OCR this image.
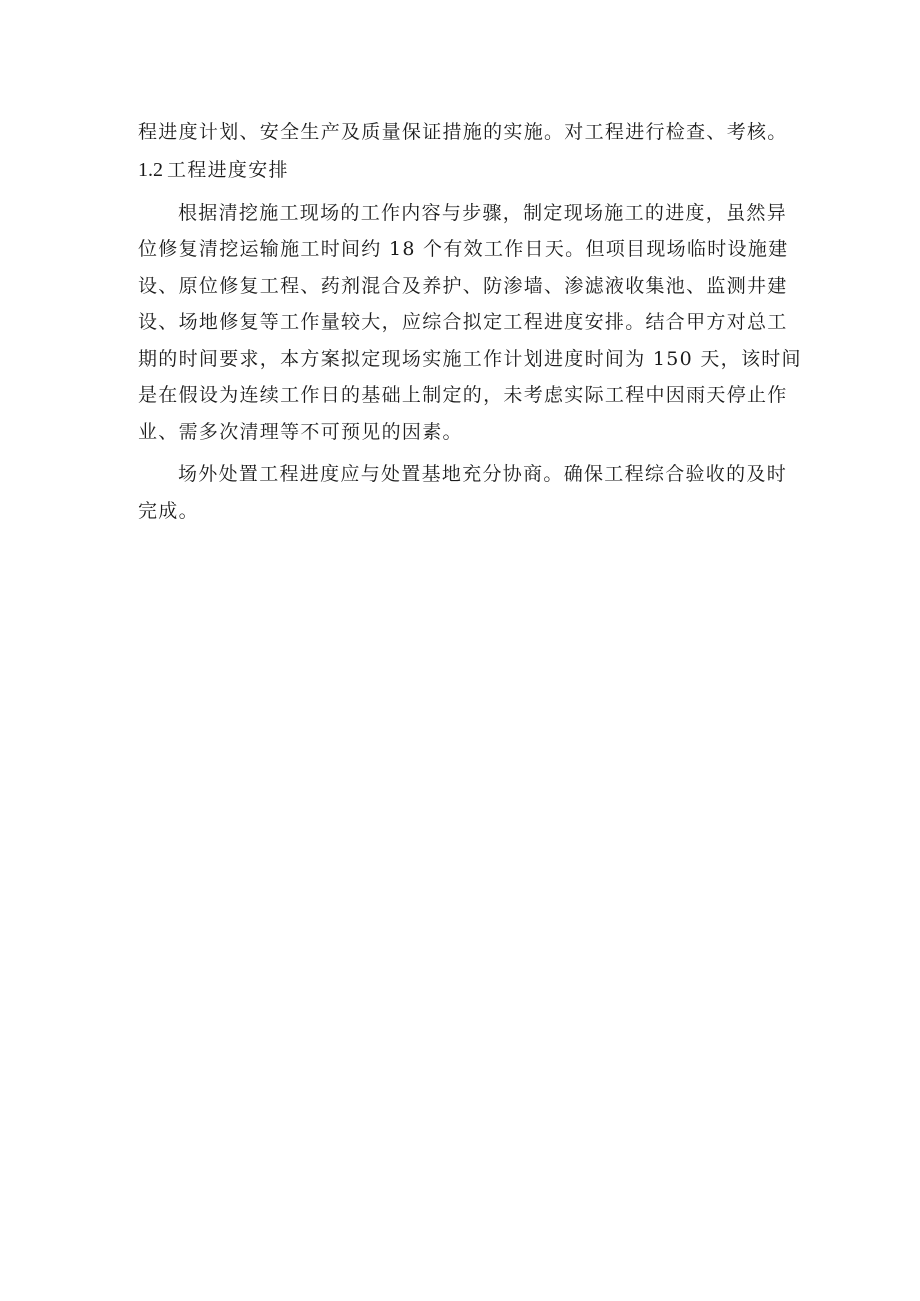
程进度计划、安全生产及质量保证措施的实施。对工程进行检查、考核。

1.2 工程进度安排

根据清挖施工现场的工作内容与步骤，制定现场施工的进度，虽然异

位修复清挖运输施工时间约 18 个有效工作日天。但项目现场临时设施建

设、原位修复工程、药剂混合及养护、防渗墙、渗滤液收集池、监测井建

设、场地修复等工作量较大，应综合拟定工程进度安排。结合甲方对总工

期的时间要求，本方案拟定现场实施工作计划进度时间为 150 天，该时间

是在假设为连续工作日的基础上制定的，未考虑实际工程中因雨天停止作

业、需多次清理等不可预见的因素。

场外处置工程进度应与处置基地充分协商。确保工程综合验收的及时

完成。
